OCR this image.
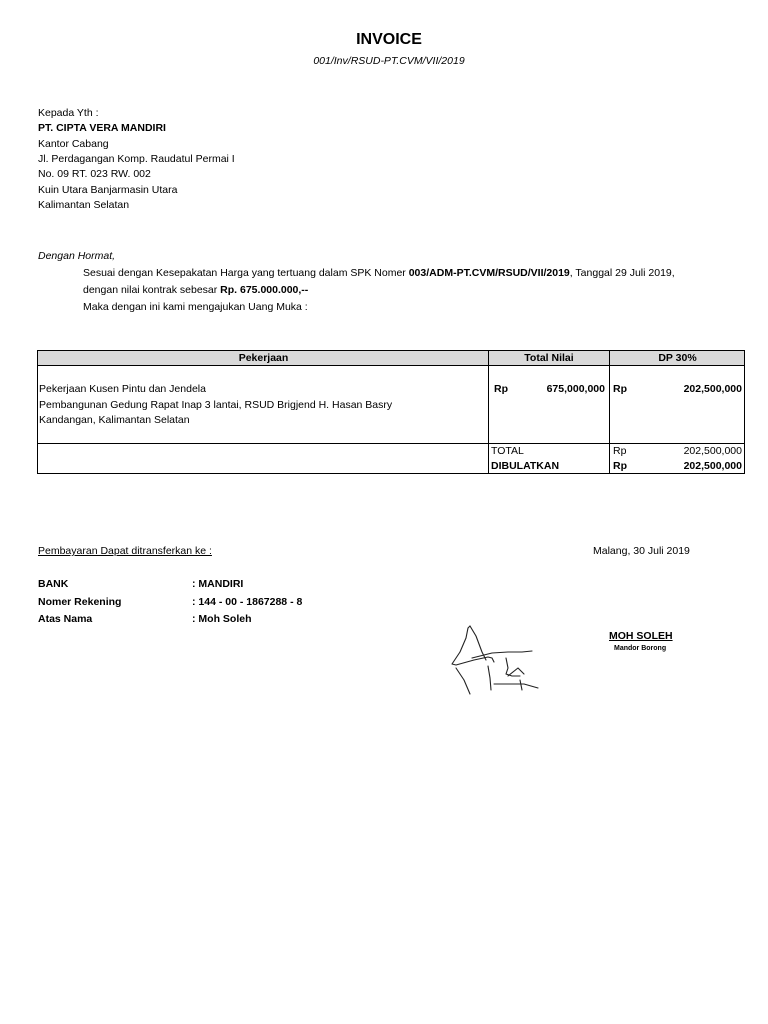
INVOICE
001/Inv/RSUD-PT.CVM/VII/2019
Kepada Yth :
PT. CIPTA VERA MANDIRI
Kantor Cabang
Jl. Perdagangan Komp. Raudatul Permai I
No. 09 RT. 023 RW. 002
Kuin Utara Banjarmasin Utara
Kalimantan Selatan
Dengan Hormat,
Sesuai dengan Kesepakatan Harga yang tertuang dalam SPK Nomer 003/ADM-PT.CVM/RSUD/VII/2019, Tanggal 29 Juli 2019,
dengan nilai kontrak sebesar Rp. 675.000.000,--
Maka dengan ini kami mengajukan Uang Muka :
Pekerjaan	Total Nilai	DP 30%
Pekerjaan Kusen Pintu dan Jendela
Pembangunan Gedung Rapat Inap 3 lantai, RSUD Brigjend H. Hasan Basry
Kandangan, Kalimantan Selatan
Rp	675,000,000 Rp	202,500,000
TOTAL	Rp	202,500,000
DIBULATKAN	Rp	202,500,000
Pembayaran Dapat ditransferkan ke :	Malang, 30 Juli 2019
BANK	: MANDIRI
Nomer Rekening	: 144 - 00 - 1867288 - 8
Atas Nama	: Moh Soleh
MOH SOLEH
Mandor Borong
